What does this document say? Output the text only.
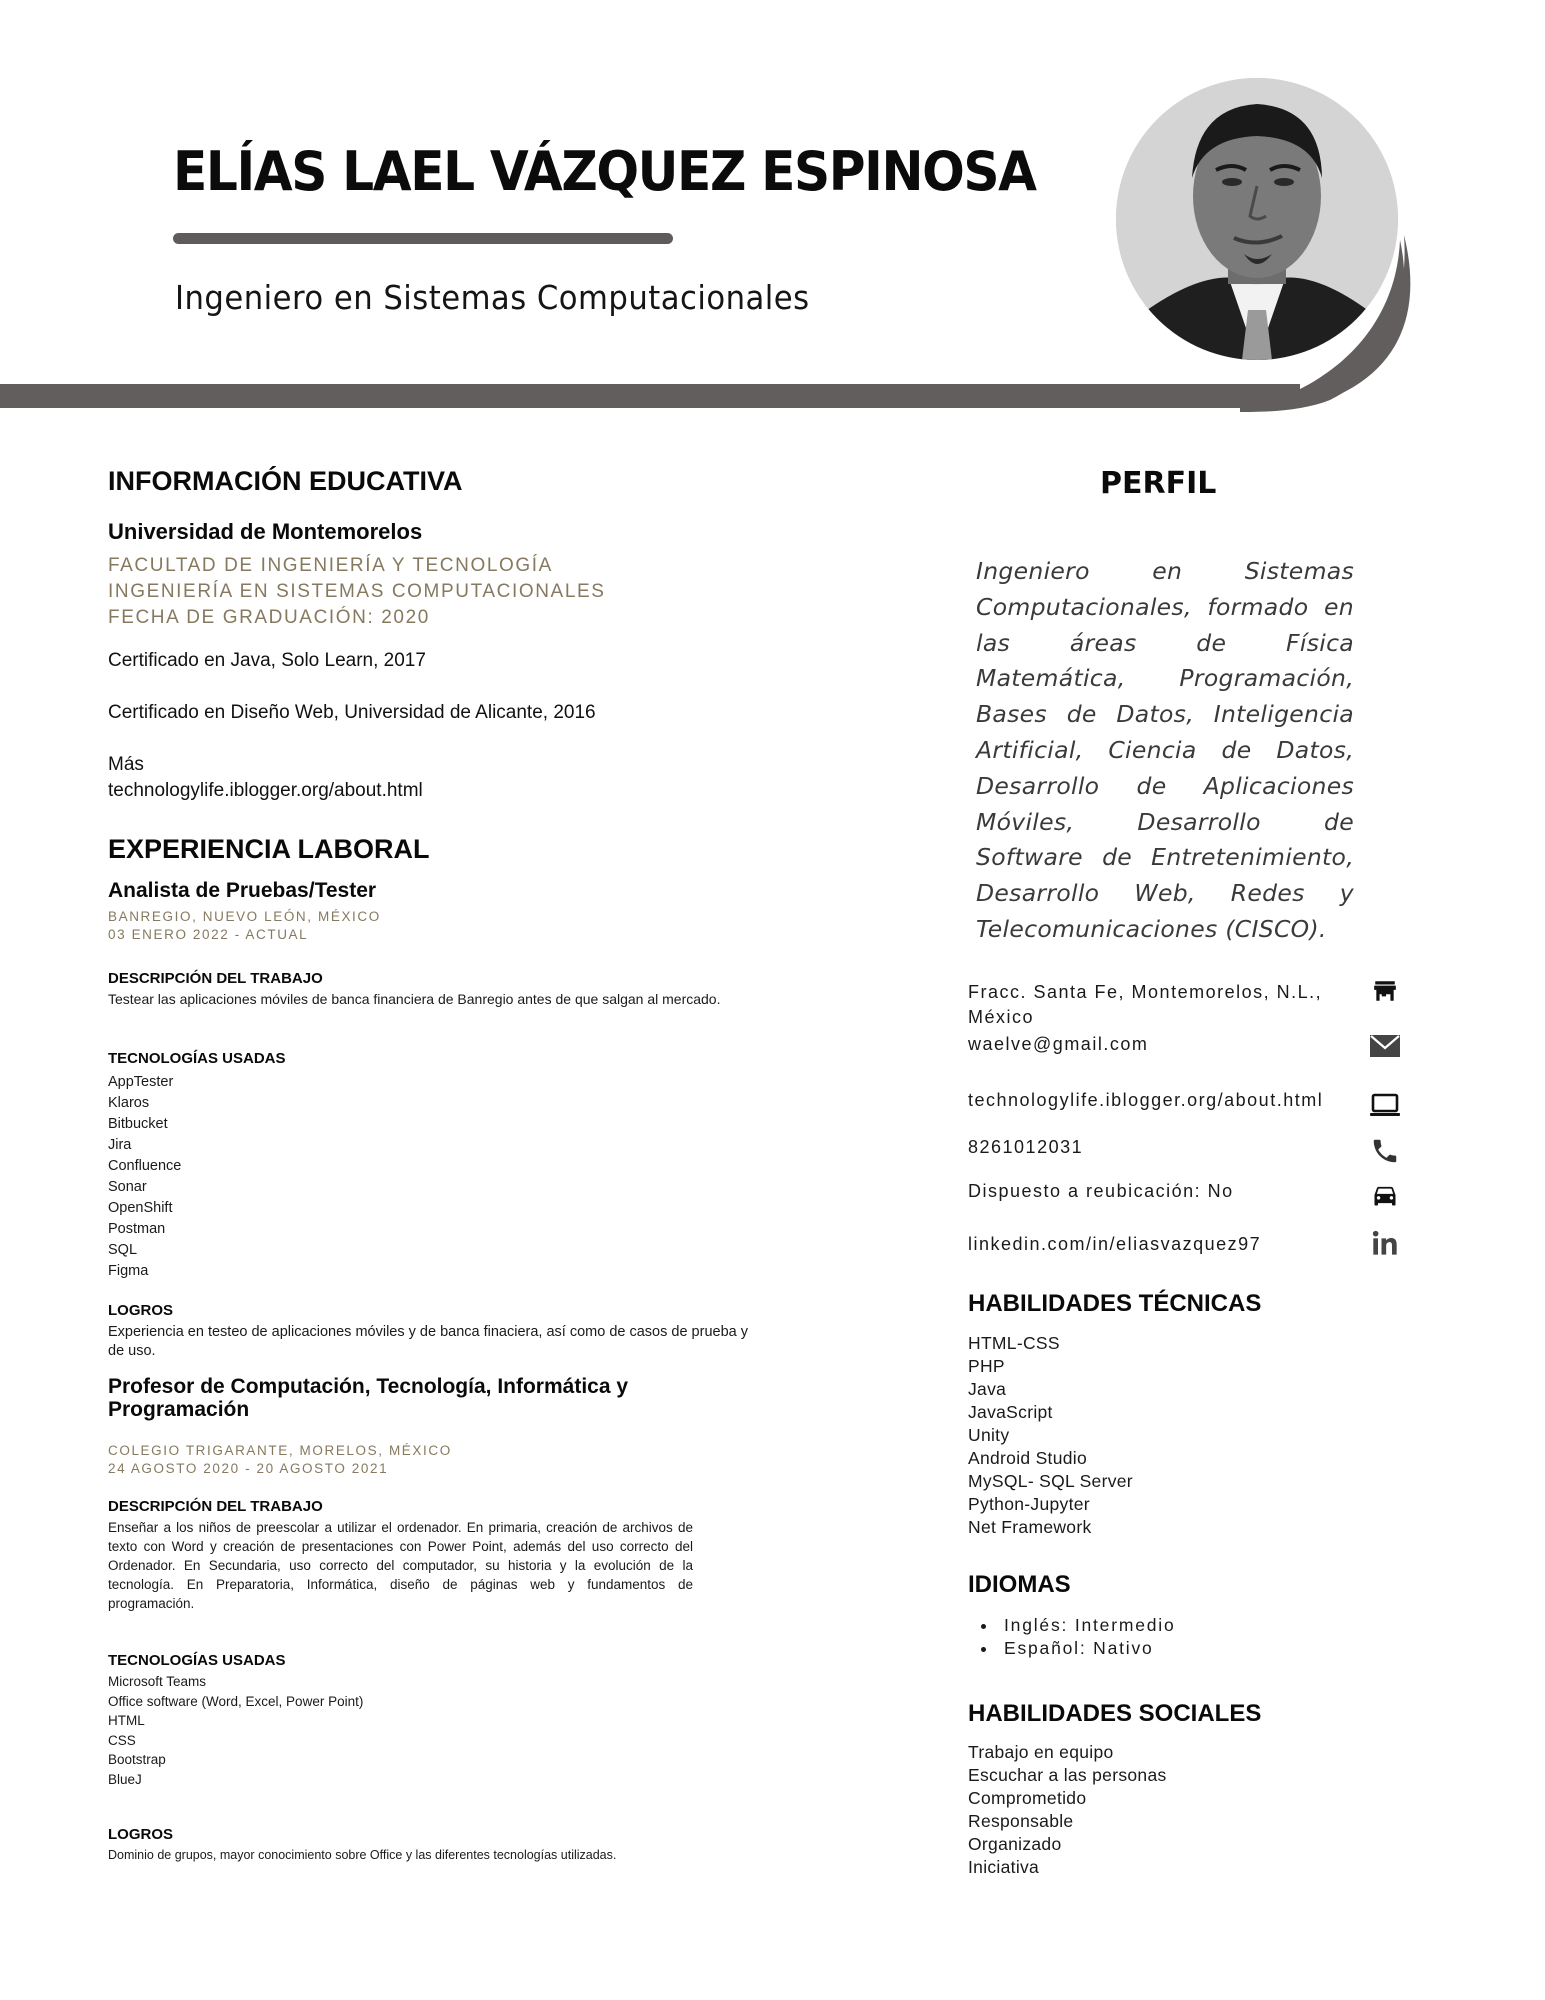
ELÍAS LAEL VÁZQUEZ ESPINOSA
Ingeniero en Sistemas Computacionales
INFORMACIÓN EDUCATIVA
Universidad de Montemorelos
FACULTAD DE INGENIERÍA Y TECNOLOGÍA
INGENIERÍA EN SISTEMAS COMPUTACIONALES
FECHA DE GRADUACIÓN: 2020
Certificado en Java, Solo Learn, 2017
Certificado en Diseño Web, Universidad de Alicante, 2016
Más
technologylife.iblogger.org/about.html
EXPERIENCIA LABORAL
Analista de Pruebas/Tester
BANREGIO, NUEVO LEÓN, MÉXICO
03 ENERO 2022 - ACTUAL
DESCRIPCIÓN DEL TRABAJO
Testear las aplicaciones móviles de banca financiera de Banregio antes de que salgan al mercado.
TECNOLOGÍAS USADAS
AppTester
Klaros
Bitbucket
Jira
Confluence
Sonar
OpenShift
Postman
SQL
Figma
LOGROS
Experiencia en testeo de aplicaciones móviles y de banca finaciera, así como de casos de prueba y de uso.
Profesor de Computación, Tecnología, Informática y Programación
COLEGIO TRIGARANTE, MORELOS, MÉXICO
24 AGOSTO 2020 - 20 AGOSTO 2021
DESCRIPCIÓN DEL TRABAJO
Enseñar a los niños de preescolar a utilizar el ordenador. En primaria, creación de archivos de texto con Word y creación de presentaciones con Power Point, además del uso correcto del Ordenador. En Secundaria, uso correcto del computador, su historia y la evolución de la tecnología. En Preparatoria, Informática, diseño de páginas web y fundamentos de programación.
TECNOLOGÍAS USADAS
Microsoft Teams
Office software (Word, Excel, Power Point)
HTML
CSS
Bootstrap
BlueJ
LOGROS
Dominio de grupos, mayor conocimiento sobre Office y las diferentes tecnologías utilizadas.
PERFIL
Ingeniero en Sistemas Computacionales, formado en las áreas de Física Matemática, Programación, Bases de Datos, Inteligencia Artificial, Ciencia de Datos, Desarrollo de Aplicaciones Móviles, Desarrollo de Software de Entretenimiento, Desarrollo Web, Redes y Telecomunicaciones (CISCO).
Fracc. Santa Fe, Montemorelos, N.L., México
waelve@gmail.com
technologylife.iblogger.org/about.html
8261012031
Dispuesto a reubicación: No
linkedin.com/in/eliasvazquez97
HABILIDADES TÉCNICAS
HTML-CSS
PHP
Java
JavaScript
Unity
Android Studio
MySQL- SQL Server
Python-Jupyter
Net Framework
IDIOMAS
• Inglés: Intermedio
• Español: Nativo
HABILIDADES SOCIALES
Trabajo en equipo
Escuchar a las personas
Comprometido
Responsable
Organizado
Iniciativa
